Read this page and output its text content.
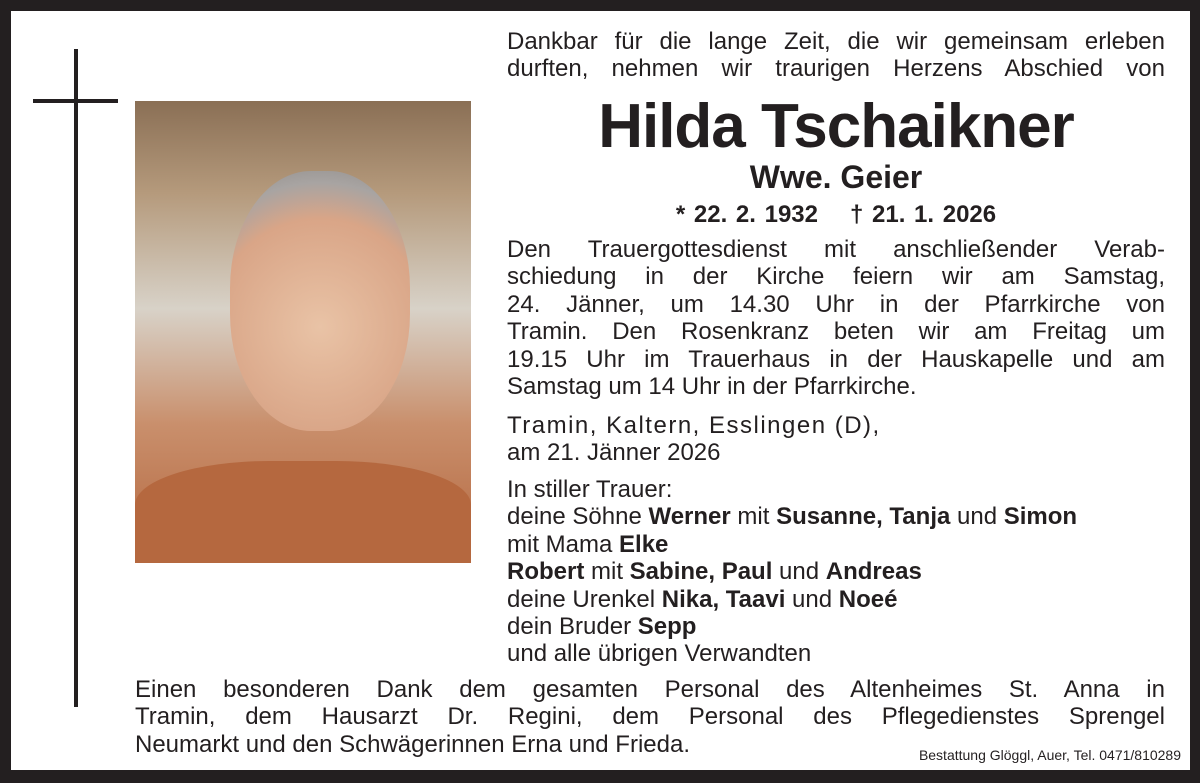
Dankbar für die lange Zeit, die wir gemeinsam erleben
durften, nehmen wir traurigen Herzens Abschied von
Hilda Tschaikner
Wwe. Geier
* 22. 2. 1932 † 21. 1. 2026
Den Trauergottesdienst mit anschließender Verab-
schiedung in der Kirche feiern wir am Samstag,
24. Jänner, um 14.30 Uhr in der Pfarrkirche von
Tramin. Den Rosenkranz beten wir am Freitag um
19.15 Uhr im Trauerhaus in der Hauskapelle und am
Samstag um 14 Uhr in der Pfarrkirche.
Tramin, Kaltern, Esslingen (D),
am 21. Jänner 2026
In stiller Trauer:
deine Söhne Werner mit Susanne, Tanja und Simon
mit Mama Elke
Robert mit Sabine, Paul und Andreas
deine Urenkel Nika, Taavi und Noeé
dein Bruder Sepp
und alle übrigen Verwandten
Einen besonderen Dank dem gesamten Personal des Altenheimes St. Anna in
Tramin, dem Hausarzt Dr. Regini, dem Personal des Pflegedienstes Sprengel
Neumarkt und den Schwägerinnen Erna und Frieda.	Bestattung Glöggl, Auer, Tel. 0471/810289
